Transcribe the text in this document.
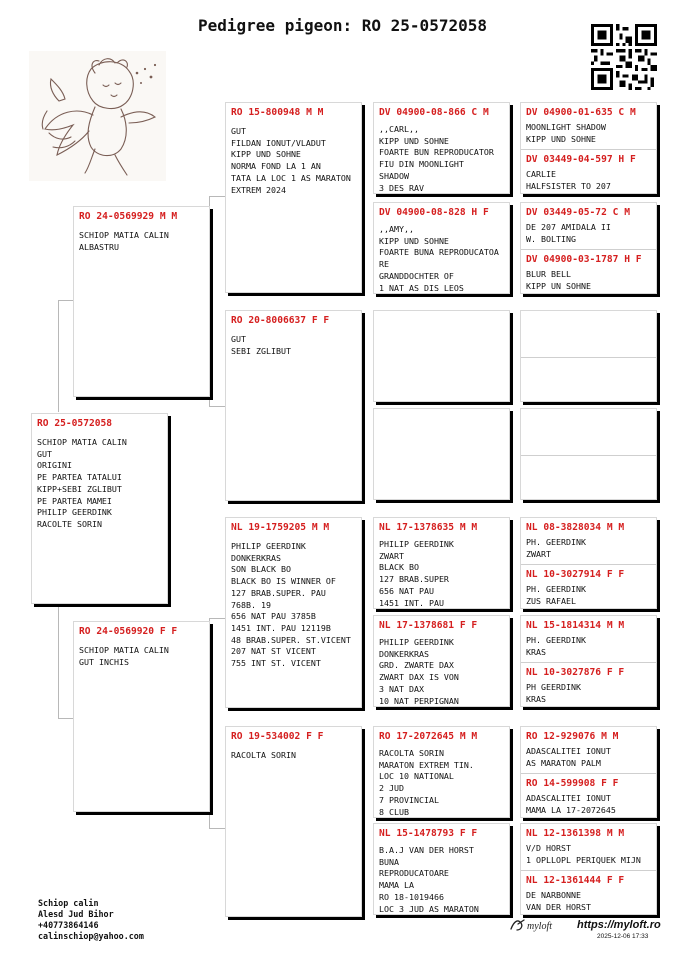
Pedigree pigeon: RO 25-0572058
RO 25-0572058
SCHIOP MATIA CALIN
GUT
ORIGINI
PE PARTEA TATALUI
KIPP+SEBI ZGLIBUT
PE PARTEA MAMEI
PHILIP GEERDINK
RACOLTE SORIN
RO 24-0569929 M M
SCHIOP MATIA CALIN
ALBASTRU
RO 24-0569920 F F
SCHIOP MATIA CALIN
GUT INCHIS
RO 15-800948 M M
GUT
FILDAN IONUT/VLADUT
KIPP UND SOHNE
NORMA FOND LA 1 AN
TATA LA LOC 1 AS MARATON
EXTREM 2024
RO 20-8006637 F F
GUT
SEBI ZGLIBUT
NL 19-1759205 M M
PHILIP GEERDINK
DONKERKRAS
SON BLACK BO
BLACK BO IS WINNER OF
127 BRAB.SUPER. PAU
768B. 19
656 NAT PAU 3785B
1451 INT. PAU 12119B
48 BRAB.SUPER. ST.VICENT
207 NAT ST VICENT
755 INT ST. VICENT
RO 19-534002 F F
RACOLTA SORIN
DV 04900-08-866 C M
,,CARL,,
KIPP UND SOHNE
FOARTE BUN REPRODUCATOR
FIU DIN MOONLIGHT
SHADOW
3 DES RAV
DV 04900-08-828 H F
,,AMY,,
KIPP UND SOHNE
FOARTE BUNA REPRODUCATOA
RE
GRANDDOCHTER OF
1 NAT AS DIS LEOS
NL 17-1378635 M M
PHILIP GEERDINK
ZWART
BLACK BO
127 BRAB.SUPER
656 NAT PAU
1451 INT. PAU
NL 17-1378681 F F
PHILIP GEERDINK
DONKERKRAS
GRD. ZWARTE DAX
ZWART DAX IS VON
3 NAT DAX
10 NAT PERPIGNAN
RO 17-2072645 M M
RACOLTA SORIN
MARATON EXTREM TIN.
LOC 10 NATIONAL
2 JUD
7 PROVINCIAL
8 CLUB
NL 15-1478793 F F
B.A.J VAN DER HORST
BUNA
REPRODUCATOARE
MAMA LA
RO 18-1019466
LOC 3 JUD AS MARATON
DV 04900-01-635 C M
MOONLIGHT SHADOW
KIPP UND SOHNE
DV 03449-04-597 H F
CARLIE
HALFSISTER TO 207
DV 03449-05-72 C M
DE 207 AMIDALA II
W. BOLTING
DV 04900-03-1787 H F
BLUR BELL
KIPP UN SOHNE
NL 08-3828034 M M
PH. GEERDINK
ZWART
NL 10-3027914 F F
PH. GEERDINK
ZUS RAFAEL
NL 15-1814314 M M
PH. GEERDINK
KRAS
NL 10-3027876 F F
PH GEERDINK
KRAS
RO 12-929076 M M
ADASCALITEI IONUT
AS MARATON PALM
RO 14-599908 F F
ADASCALITEI IONUT
MAMA LA 17-2072645
NL 12-1361398 M M
V/D HORST
1 OPLLOPL PERIQUEK MIJN
NL 12-1361444 F F
DE NARBONNE
VAN DER HORST
Schiop calin
Alesd Jud Bihor
+40773864146
calinschiop@yahoo.com
myloft https://myloft.ro
2025-12-06 17:33
